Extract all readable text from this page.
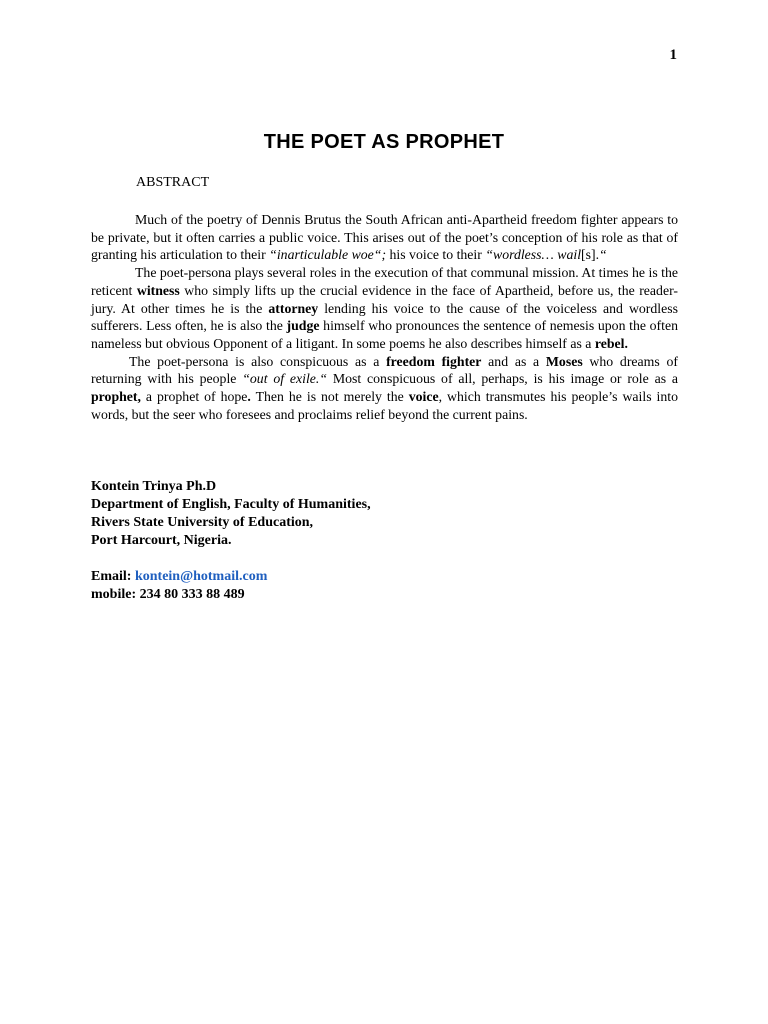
1
THE POET AS PROPHET
ABSTRACT

Much of the poetry of Dennis Brutus the South African anti-Apartheid freedom fighter appears to be private, but it often carries a public voice. This arises out of the poet’s conception of his role as that of granting his articulation to their “inarticulable woe“; his voice to their “wordless… wail[s].“

The poet-persona plays several roles in the execution of that communal mission. At times he is the reticent witness who simply lifts up the crucial evidence in the face of Apartheid, before us, the reader-jury. At other times he is the attorney lending his voice to the cause of the voiceless and wordless sufferers. Less often, he is also the judge himself who pronounces the sentence of nemesis upon the often nameless but obvious Opponent of a litigant. In some poems he also describes himself as a rebel.

The poet-persona is also conspicuous as a freedom fighter and as a Moses who dreams of returning with his people “out of exile.“ Most conspicuous of all, perhaps, is his image or role as a prophet, a prophet of hope. Then he is not merely the voice, which transmutes his people’s wails into words, but the seer who foresees and proclaims relief beyond the current pains.

Kontein Trinya Ph.D
Department of English, Faculty of Humanities,
Rivers State University of Education,
Port Harcourt, Nigeria.
Email: kontein@hotmail.com
mobile: 234 80 333 88 489
